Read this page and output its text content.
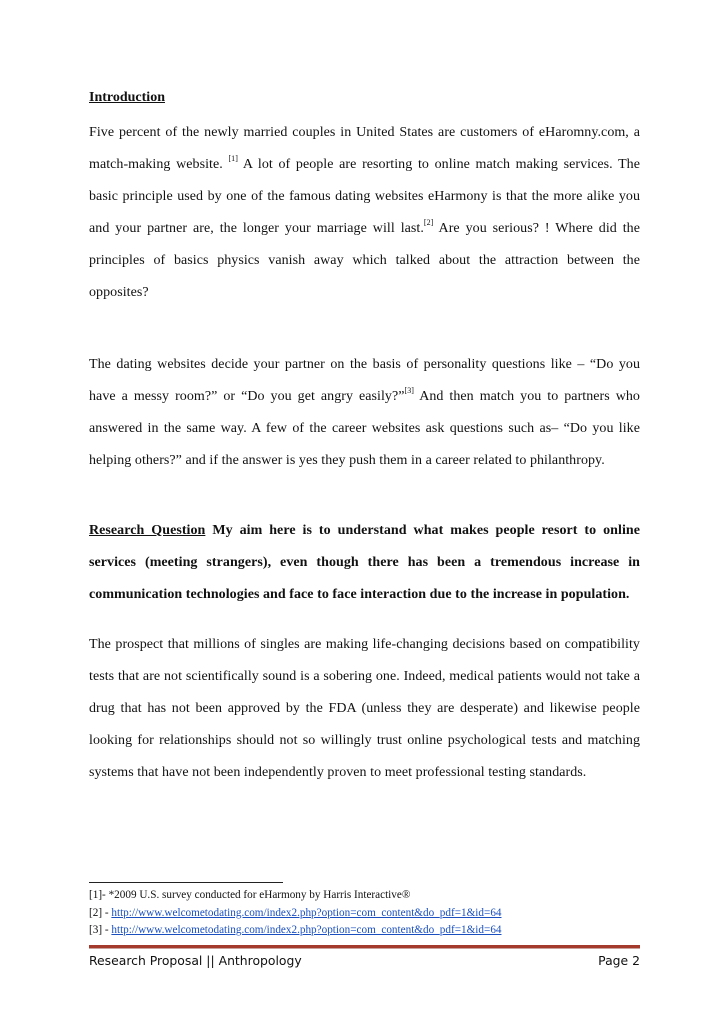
Introduction

Five percent of the newly married couples in United States are customers of eHaromny.com, a match-making website. [1] A lot of people are resorting to online match making services. The basic principle used by one of the famous dating websites eHarmony is that the more alike you and your partner are, the longer your marriage will last.[2] Are you serious? ! Where did the principles of basics physics vanish away which talked about the attraction between the opposites?

The dating websites decide your partner on the basis of personality questions like – “Do you have a messy room?” or “Do you get angry easily?”[3] And then match you to partners who answered in the same way. A few of the career websites ask questions such as– “Do you like helping others?” and if the answer is yes they push them in a career related to philanthropy.

Research Question My aim here is to understand what makes people resort to online services (meeting strangers), even though there has been a tremendous increase in communication technologies and face to face interaction due to the increase in population.

The prospect that millions of singles are making life-changing decisions based on compatibility tests that are not scientifically sound is a sobering one. Indeed, medical patients would not take a drug that has not been approved by the FDA (unless they are desperate) and likewise people looking for relationships should not so willingly trust online psychological tests and matching systems that have not been independently proven to meet professional testing standards.

[1]- *2009 U.S. survey conducted for eHarmony by Harris Interactive®
[2] - http://www.welcometodating.com/index2.php?option=com_content&do_pdf=1&id=64
[3] - http://www.welcometodating.com/index2.php?option=com_content&do_pdf=1&id=64
Research Proposal || Anthropology	Page 2
